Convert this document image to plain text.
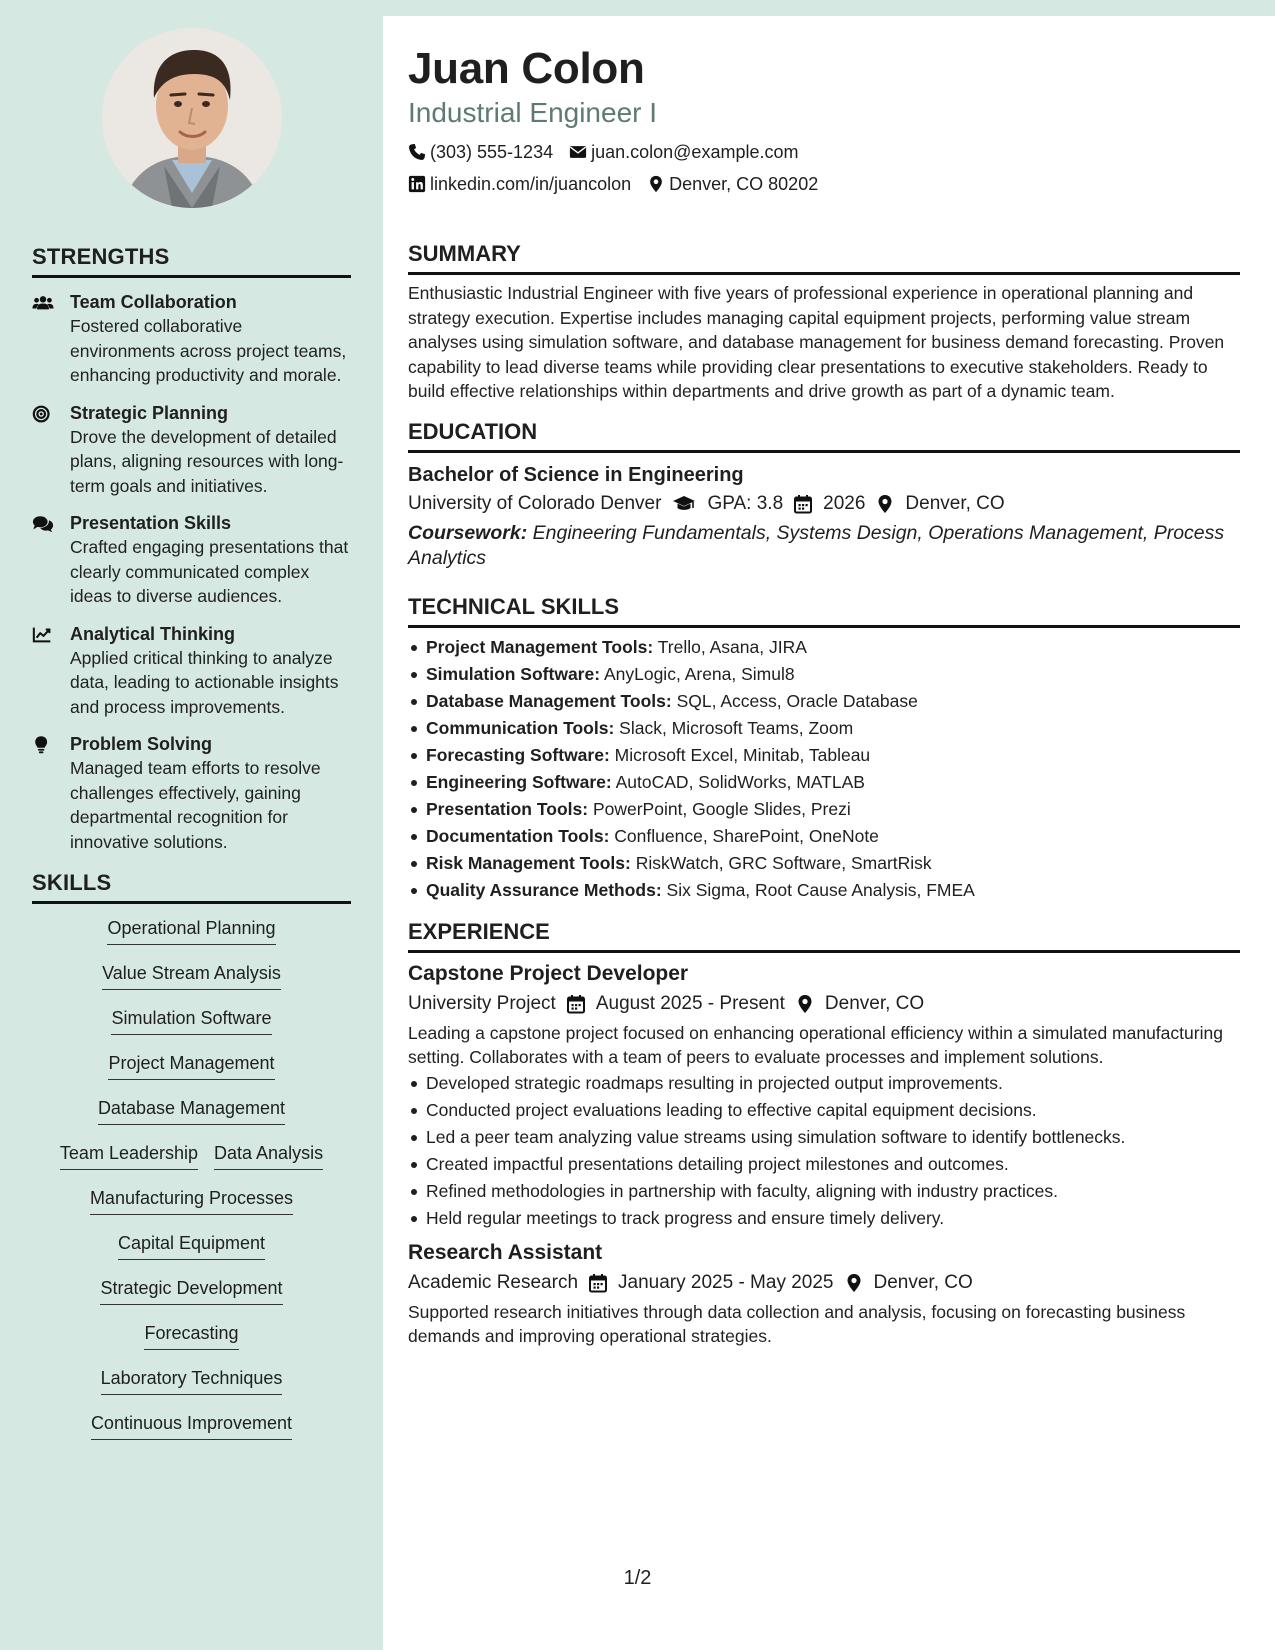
STRENGTHS
Team Collaboration
Fostered collaborative environments across project teams, enhancing productivity and morale.
Strategic Planning
Drove the development of detailed plans, aligning resources with long-term goals and initiatives.
Presentation Skills
Crafted engaging presentations that clearly communicated complex ideas to diverse audiences.
Analytical Thinking
Applied critical thinking to analyze data, leading to actionable insights and process improvements.
Problem Solving
Managed team efforts to resolve challenges effectively, gaining departmental recognition for innovative solutions.
SKILLS
Operational Planning
Value Stream Analysis
Simulation Software
Project Management
Database Management
Team Leadership Data Analysis
Manufacturing Processes
Capital Equipment
Strategic Development
Forecasting
Laboratory Techniques
Continuous Improvement
Juan Colon
Industrial Engineer I
(303) 555-1234 juan.colon@example.com
linkedin.com/in/juancolon Denver, CO 80202
SUMMARY
Enthusiastic Industrial Engineer with five years of professional experience in operational planning and strategy execution. Expertise includes managing capital equipment projects, performing value stream analyses using simulation software, and database management for business demand forecasting. Proven capability to lead diverse teams while providing clear presentations to executive stakeholders. Ready to build effective relationships within departments and drive growth as part of a dynamic team.
EDUCATION
Bachelor of Science in Engineering
University of Colorado Denver GPA: 3.8 2026 Denver, CO
Coursework: Engineering Fundamentals, Systems Design, Operations Management, Process Analytics
TECHNICAL SKILLS
Project Management Tools: Trello, Asana, JIRA
Simulation Software: AnyLogic, Arena, Simul8
Database Management Tools: SQL, Access, Oracle Database
Communication Tools: Slack, Microsoft Teams, Zoom
Forecasting Software: Microsoft Excel, Minitab, Tableau
Engineering Software: AutoCAD, SolidWorks, MATLAB
Presentation Tools: PowerPoint, Google Slides, Prezi
Documentation Tools: Confluence, SharePoint, OneNote
Risk Management Tools: RiskWatch, GRC Software, SmartRisk
Quality Assurance Methods: Six Sigma, Root Cause Analysis, FMEA
EXPERIENCE
Capstone Project Developer
University Project August 2025 - Present Denver, CO
Leading a capstone project focused on enhancing operational efficiency within a simulated manufacturing setting. Collaborates with a team of peers to evaluate processes and implement solutions.
Developed strategic roadmaps resulting in projected output improvements.
Conducted project evaluations leading to effective capital equipment decisions.
Led a peer team analyzing value streams using simulation software to identify bottlenecks.
Created impactful presentations detailing project milestones and outcomes.
Refined methodologies in partnership with faculty, aligning with industry practices.
Held regular meetings to track progress and ensure timely delivery.
Research Assistant
Academic Research January 2025 - May 2025 Denver, CO
Supported research initiatives through data collection and analysis, focusing on forecasting business demands and improving operational strategies.
1/2
